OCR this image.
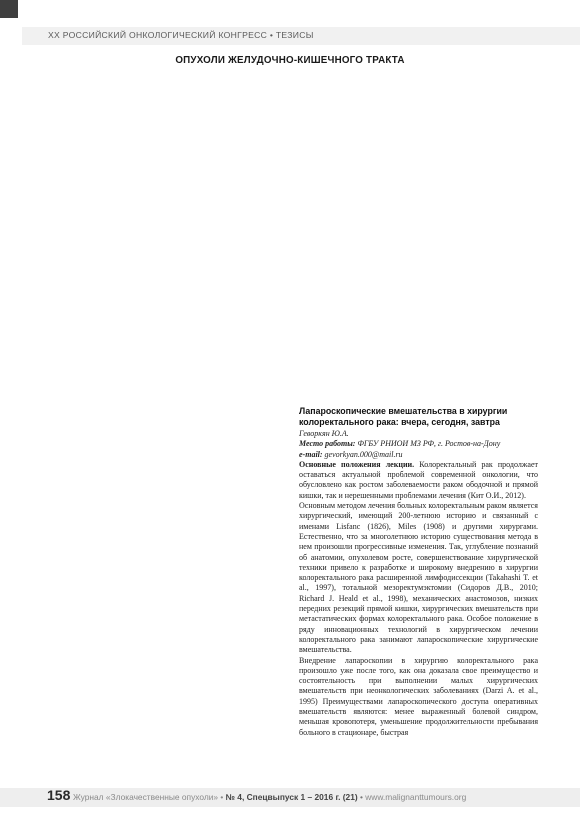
XX РОССИЙСКИЙ ОНКОЛОГИЧЕСКИЙ КОНГРЕСС • ТЕЗИСЫ
ОПУХОЛИ ЖЕЛУДОЧНО-КИШЕЧНОГО ТРАКТА
Лапароскопические вмешательства в хирургии колоректального рака: вчера, сегодня, завтра
Геворкян Ю.А.
Место работы: ФГБУ РНИОИ МЗ РФ, г. Ростов-на-Дону
e-mail: gevorkyan.000@mail.ru

Основные положения лекции. Колоректальный рак продолжает оставаться актуальной проблемой современной онкологии, что обусловлено как ростом заболеваемости раком ободочной и прямой кишки, так и нерешенными проблемами лечения (Кит О.И., 2012).

Основным методом лечения больных колоректальным раком является хирургический, имеющий 200-летнюю историю и связанный с именами Lisfanc (1826), Miles (1908) и другими хирургами. Естественно, что за многолетнюю историю существования метода в нем произошли прогрессивные изменения. Так, углубление познаний об анатомии, опухолевом росте, совершенствование хирургической техники привело к разработке и широкому внедрению в хирургии колоректального рака расширенной лимфодиссекции (Takahashi T. et al., 1997), тотальной мезоректумэктомии (Сидоров Д.В., 2010; Richard J. Heald et al., 1998), механических анастомозов, низких передних резекций прямой кишки, хирургических вмешательств при метастатических формах колоректального рака. Особое положение в ряду инновационных технологий в хирургическом лечении колоректального рака занимают лапароскопические хирургические вмешательства.

Внедрение лапароскопии в хирургию колоректального рака произошло уже после того, как она доказала свое преимущество и состоятельность при выполнении малых хирургических вмешательств при неонкологических заболеваниях (Darzi A. et al., 1995) Преимуществами лапароскопического доступа оперативных вмешательств являются: менее выраженный болевой синдром, меньшая кровопотеря, уменьшение продолжительности пребывания больного в стационаре, быстрая

158 Журнал «Злокачественные опухоли» • № 4, Спецвыпуск 1 – 2016 г. (21) • www.malignanttumours.org
